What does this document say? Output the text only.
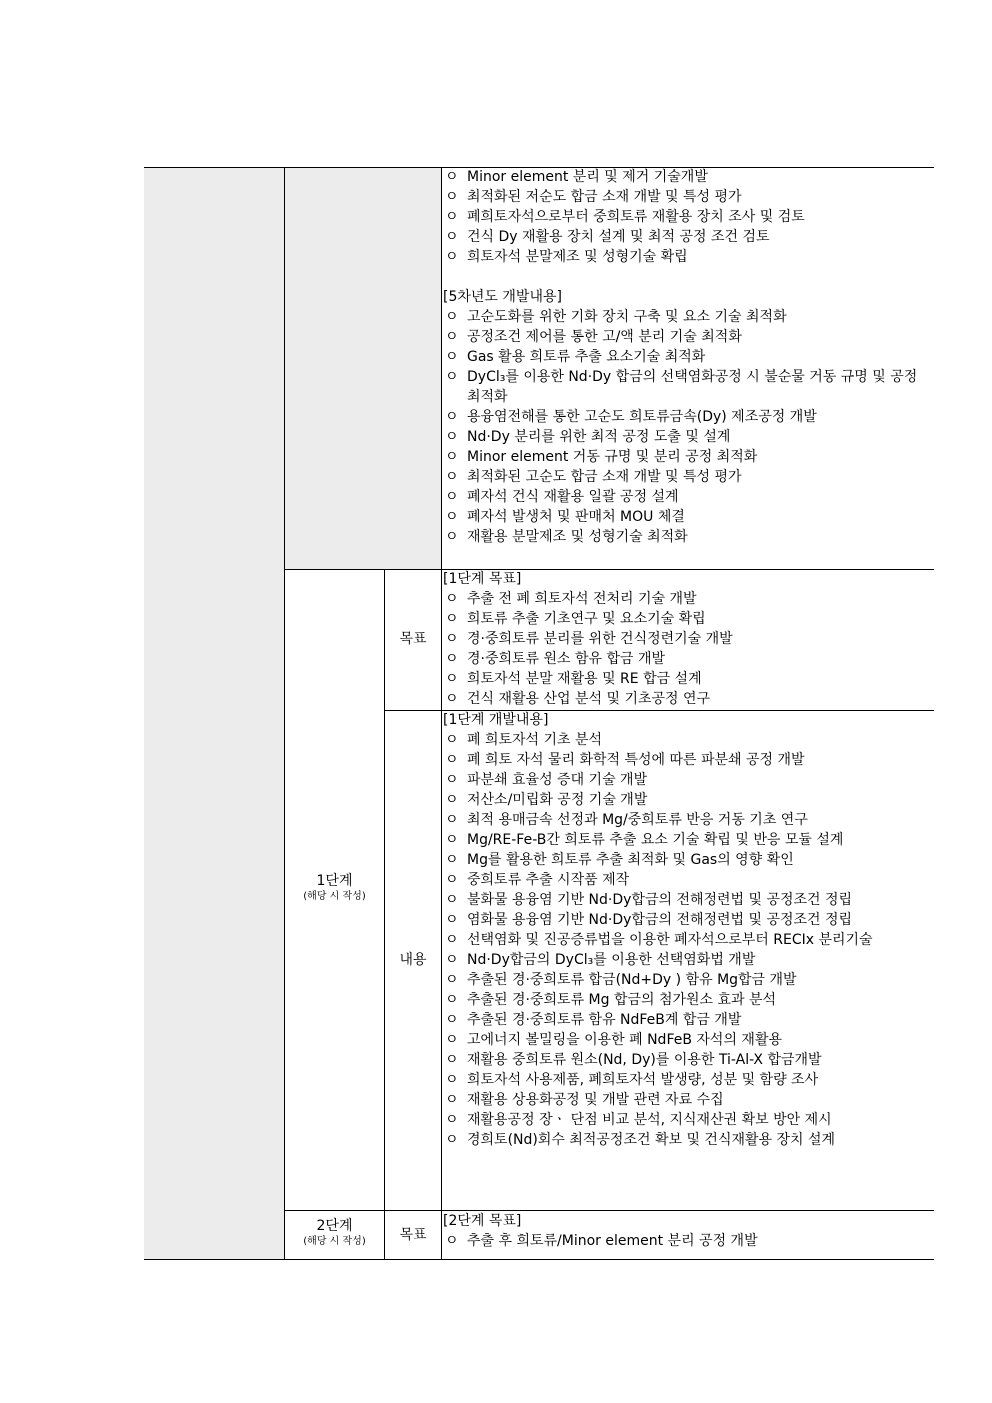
ㅇ Minor element 분리 및 제거 기술개발
ㅇ 최적화된 저순도 합금 소재 개발 및 특성 평가
ㅇ 폐희토자석으로부터 중희토류 재활용 장치 조사 및 검토
ㅇ 건식 Dy 재활용 장치 설계 및 최적 공정 조건 검토
ㅇ 희토자석 분말제조 및 성형기술 확립
[5차년도 개발내용]
ㅇ 고순도화를 위한 기화 장치 구축 및 요소 기술 최적화
ㅇ 공정조건 제어를 통한 고/액 분리 기술 최적화
ㅇ Gas 활용 희토류 추출 요소기술 최적화
ㅇ DyCl₃를 이용한 Nd·Dy 합금의 선택염화공정 시 불순물 거동 규명 및 공정 최적화
ㅇ 용융염전해를 통한 고순도 희토류금속(Dy) 제조공정 개발
ㅇ Nd·Dy 분리를 위한 최적 공정 도출 및 설계
ㅇ Minor element 거동 규명 및 분리 공정 최적화
ㅇ 최적화된 고순도 합금 소재 개발 및 특성 평가
ㅇ 폐자석 건식 재활용 일괄 공정 설계
ㅇ 폐자석 발생처 및 판매처 MOU 체결
ㅇ 재활용 분말제조 및 성형기술 최적화
1단계
(해당 시 작성)
목표
[1단계 목표]
ㅇ 추출 전 폐 희토자석 전처리 기술 개발
ㅇ 희토류 추출 기초연구 및 요소기술 확립
ㅇ 경·중희토류 분리를 위한 건식정련기술 개발
ㅇ 경·중희토류 원소 함유 합금 개발
ㅇ 희토자석 분말 재활용 및 RE 합금 설계
ㅇ 건식 재활용 산업 분석 및 기초공정 연구
내용
[1단계 개발내용]
ㅇ 폐 희토자석 기초 분석
ㅇ 폐 희토 자석 물리 화학적 특성에 따른 파분쇄 공정 개발
ㅇ 파분쇄 효율성 증대 기술 개발
ㅇ 저산소/미립화 공정 기술 개발
ㅇ 최적 용매금속 선정과 Mg/중희토류 반응 거동 기초 연구
ㅇ Mg/RE-Fe-B간 희토류 추출 요소 기술 확립 및 반응 모듈 설계
ㅇ Mg를 활용한 희토류 추출 최적화 및 Gas의 영향 확인
ㅇ 중희토류 추출 시작품 제작
ㅇ 불화물 용융염 기반 Nd·Dy합금의 전해정련법 및 공정조건 정립
ㅇ 염화물 용융염 기반 Nd·Dy합금의 전해정련법 및 공정조건 정립
ㅇ 선택염화 및 진공증류법을 이용한 폐자석으로부터 RECIx 분리기술
ㅇ Nd·Dy합금의 DyCl₃를 이용한 선택염화법 개발
ㅇ 추출된 경·중희토류 합금(Nd+Dy ) 함유 Mg합금 개발
ㅇ 추출된 경·중희토류 Mg 합금의 첨가원소 효과 분석
ㅇ 추출된 경·중희토류 함유 NdFeB계 합금 개발
ㅇ 고에너지 볼밀링을 이용한 폐 NdFeB 자석의 재활용
ㅇ 재활용 중희토류 원소(Nd, Dy)를 이용한 Ti-Al-X 합금개발
ㅇ 희토자석 사용제품, 폐희토자석 발생량, 성분 및 함량 조사
ㅇ 재활용 상용화공정 및 개발 관련 자료 수집
ㅇ 재활용공정 장ㆍ 단점 비교 분석, 지식재산권 확보 방안 제시
ㅇ 경희토(Nd)회수 최적공정조건 확보 및 건식재활용 장치 설계
2단계
(해당 시 작성)	목표
[2단계 목표]
ㅇ 추출 후 희토류/Minor element 분리 공정 개발
